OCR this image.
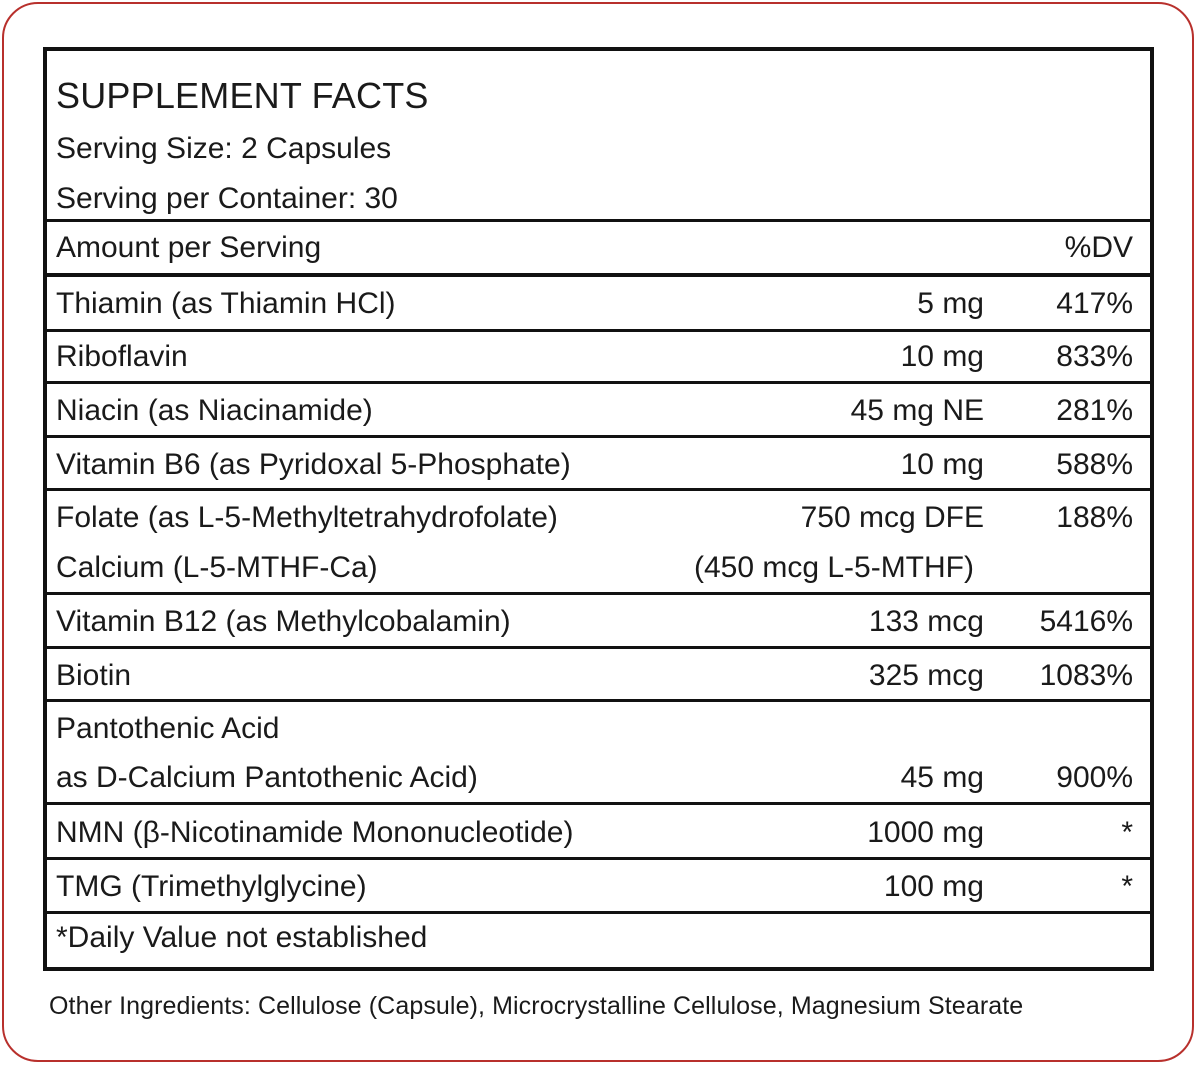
SUPPLEMENT FACTS
Serving Size: 2 Capsules
Serving per Container: 30
Amount per Serving	%DV
Thiamin (as Thiamin HCl)	5 mg 417%
Riboflavin	10 mg 833%
Niacin (as Niacinamide)	45 mg NE 281%
Vitamin B6 (as Pyridoxal 5-Phosphate)	10 mg 588%
Folate (as L-5-Methyltetrahydrofolate)	750 mcg DFE 188%
Calcium (L-5-MTHF-Ca)	(450 mcg L-5-MTHF)
Vitamin B12 (as Methylcobalamin)	133 mcg 5416%
Biotin	325 mcg 1083%
Pantothenic Acid
as D-Calcium Pantothenic Acid)	45 mg 900%
NMN (β-Nicotinamide Mononucleotide)	1000 mg	*
TMG (Trimethylglycine)	100 mg	*
*Daily Value not established
Other Ingredients: Cellulose (Capsule), Microcrystalline Cellulose, Magnesium Stearate
